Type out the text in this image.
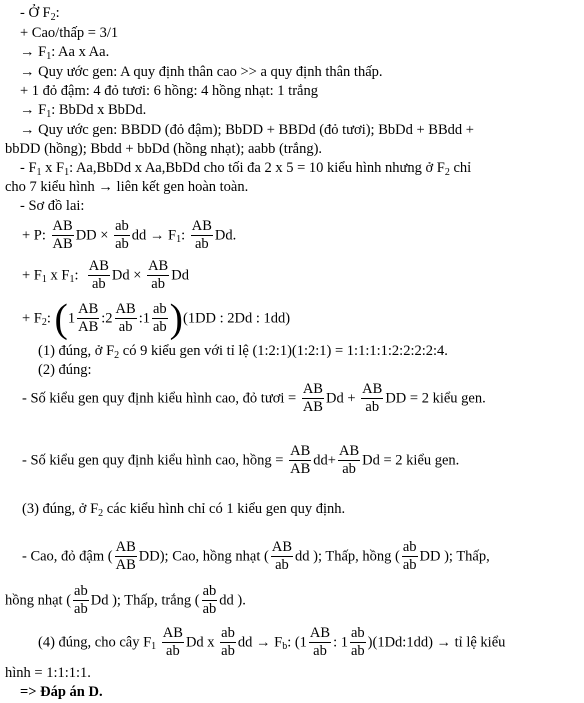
- Ở $F_2$:
+ Cao/thấp = 3/1
→ $F_1$: Aa x Aa.
→ Quy ước gen: A quy định thân cao >> a quy định thân thấp.
+ 1 đỏ đậm: 4 đỏ tươi: 6 hồng: 4 hồng nhạt: 1 trắng
→ $F_1$: BbDd x BbDd.
→ Quy ước gen: BBDD (đỏ đậm); BbDD + BBDd (đỏ tươi); BbDd + BBdd +
bbDD (hồng); Bbdd + bbDd (hồng nhạt); aabb (trắng).
- $F_1$ x $F_1$: Aa,BbDd x Aa,BbDd cho tối đa 2 x 5 = 10 kiểu hình nhưng ở $F_2$ chỉ
cho 7 kiểu hình → liên kết gen hoàn toàn.
- Sơ đồ lai:
+ P: $\frac{AB}{AB}$ DD × $\frac{ab}{ab}$ dd → $F_1$: $\frac{AB}{ab} Dd$.
+ $F_1$ x $F_1$: $\frac{AB}{ab}$ $Dd \times \frac{AB}{ab}$ Dd
+ $F_2$: ($1 \frac{AB}{AB}$ :2 $\frac{AB}{ab}$ :1 $\frac{ab}{ab} )(1DD$ : 2Dd : 1dd)
(1) đúng, ở $F_2$ có 9 kiểu gen với tỉ lệ (1:2:1)(1:2:1) = 1:1:1:1:2:2:2:2:4.
(2) đúng:
- Số kiểu gen quy định kiểu hình cao, đỏ tươi = $\frac{AB}{AB}$ $Dd + \frac{AB}{ab}$ DD = 2 kiểu gen.
- Số kiểu gen quy định kiểu hình cao, hồng = $\frac{AB}{AB} dd+ \frac{AB}{ab}$ Dd = 2 kiểu gen.
(3) đúng, ở $F_2$ các kiểu hình chỉ có 1 kiểu gen quy định.
- Cao, đỏ đậm ( $\frac{AB}{AB} DD$); Cao, hồng nhạt ( $\frac{AB}{ab}$ dd ); Thấp, hồng ( $\frac{ab}{ab}$ DD ); Thấp,
hồng nhạt ( $\frac{ab}{ab}$ Dd ); Thấp, trắng ( $\frac{ab}{ab}$ dd ).
(4) đúng, cho cây $F_1 \frac{AB}{ab}$ Dd x $\frac{ab}{ab}$ dd → $F_b$: ($1 \frac{AB}{ab}$ : $1 \frac{ab}{ab}$ )(1Dd:1dd) → tỉ lệ kiểu
hình = 1:1:1:1.
=> Đáp án D.
